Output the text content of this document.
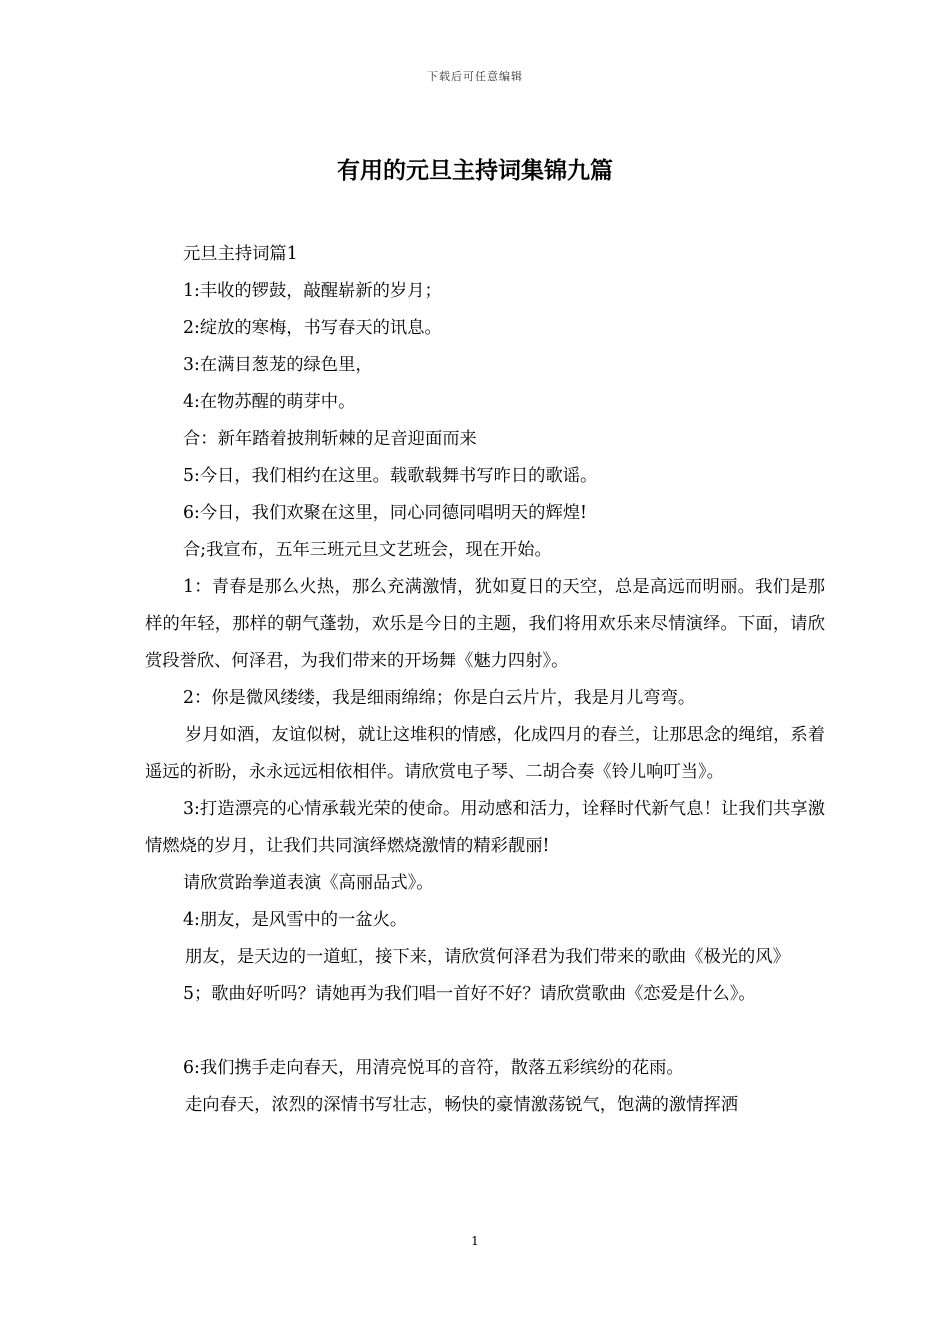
下载后可任意编辑
有用的元旦主持词集锦九篇

元旦主持词篇1

1:丰收的锣鼓，敲醒崭新的岁月；

2:绽放的寒梅，书写春天的讯息。

3:在满目葱茏的绿色里，

4:在物苏醒的萌芽中。

合：新年踏着披荆斩棘的足音迎面而来

5:今日，我们相约在这里。载歌载舞书写昨日的歌谣。

6:今日，我们欢聚在这里，同心同德同唱明天的辉煌!

合;我宣布，五年三班元旦文艺班会，现在开始。

1：青春是那么火热，那么充满激情，犹如夏日的天空，总是高远而明丽。我们是那样的年轻，那样的朝气蓬勃，欢乐是今日的主题，我们将用欢乐来尽情演绎。下面，请欣赏段誉欣、何泽君，为我们带来的开场舞《魅力四射》。

2：你是微风缕缕，我是细雨绵绵；你是白云片片，我是月儿弯弯。

岁月如酒，友谊似树，就让这堆积的情感，化成四月的春兰，让那思念的绳绾，系着遥远的祈盼，永永远远相依相伴。请欣赏电子琴、二胡合奏《铃儿响叮当》。

3:打造漂亮的心情承载光荣的使命。用动感和活力，诠释时代新气息！让我们共享激情燃烧的岁月，让我们共同演绎燃烧激情的精彩靓丽!

请欣赏跆拳道表演《高丽品式》。

4:朋友，是风雪中的一盆火。

朋友，是天边的一道虹，接下来，请欣赏何泽君为我们带来的歌曲《极光的风》

5；歌曲好听吗？请她再为我们唱一首好不好？请欣赏歌曲《恋爱是什么》。

6:我们携手走向春天，用清亮悦耳的音符，散落五彩缤纷的花雨。

走向春天，浓烈的深情书写壮志，畅快的豪情激荡锐气，饱满的激情挥洒

1
